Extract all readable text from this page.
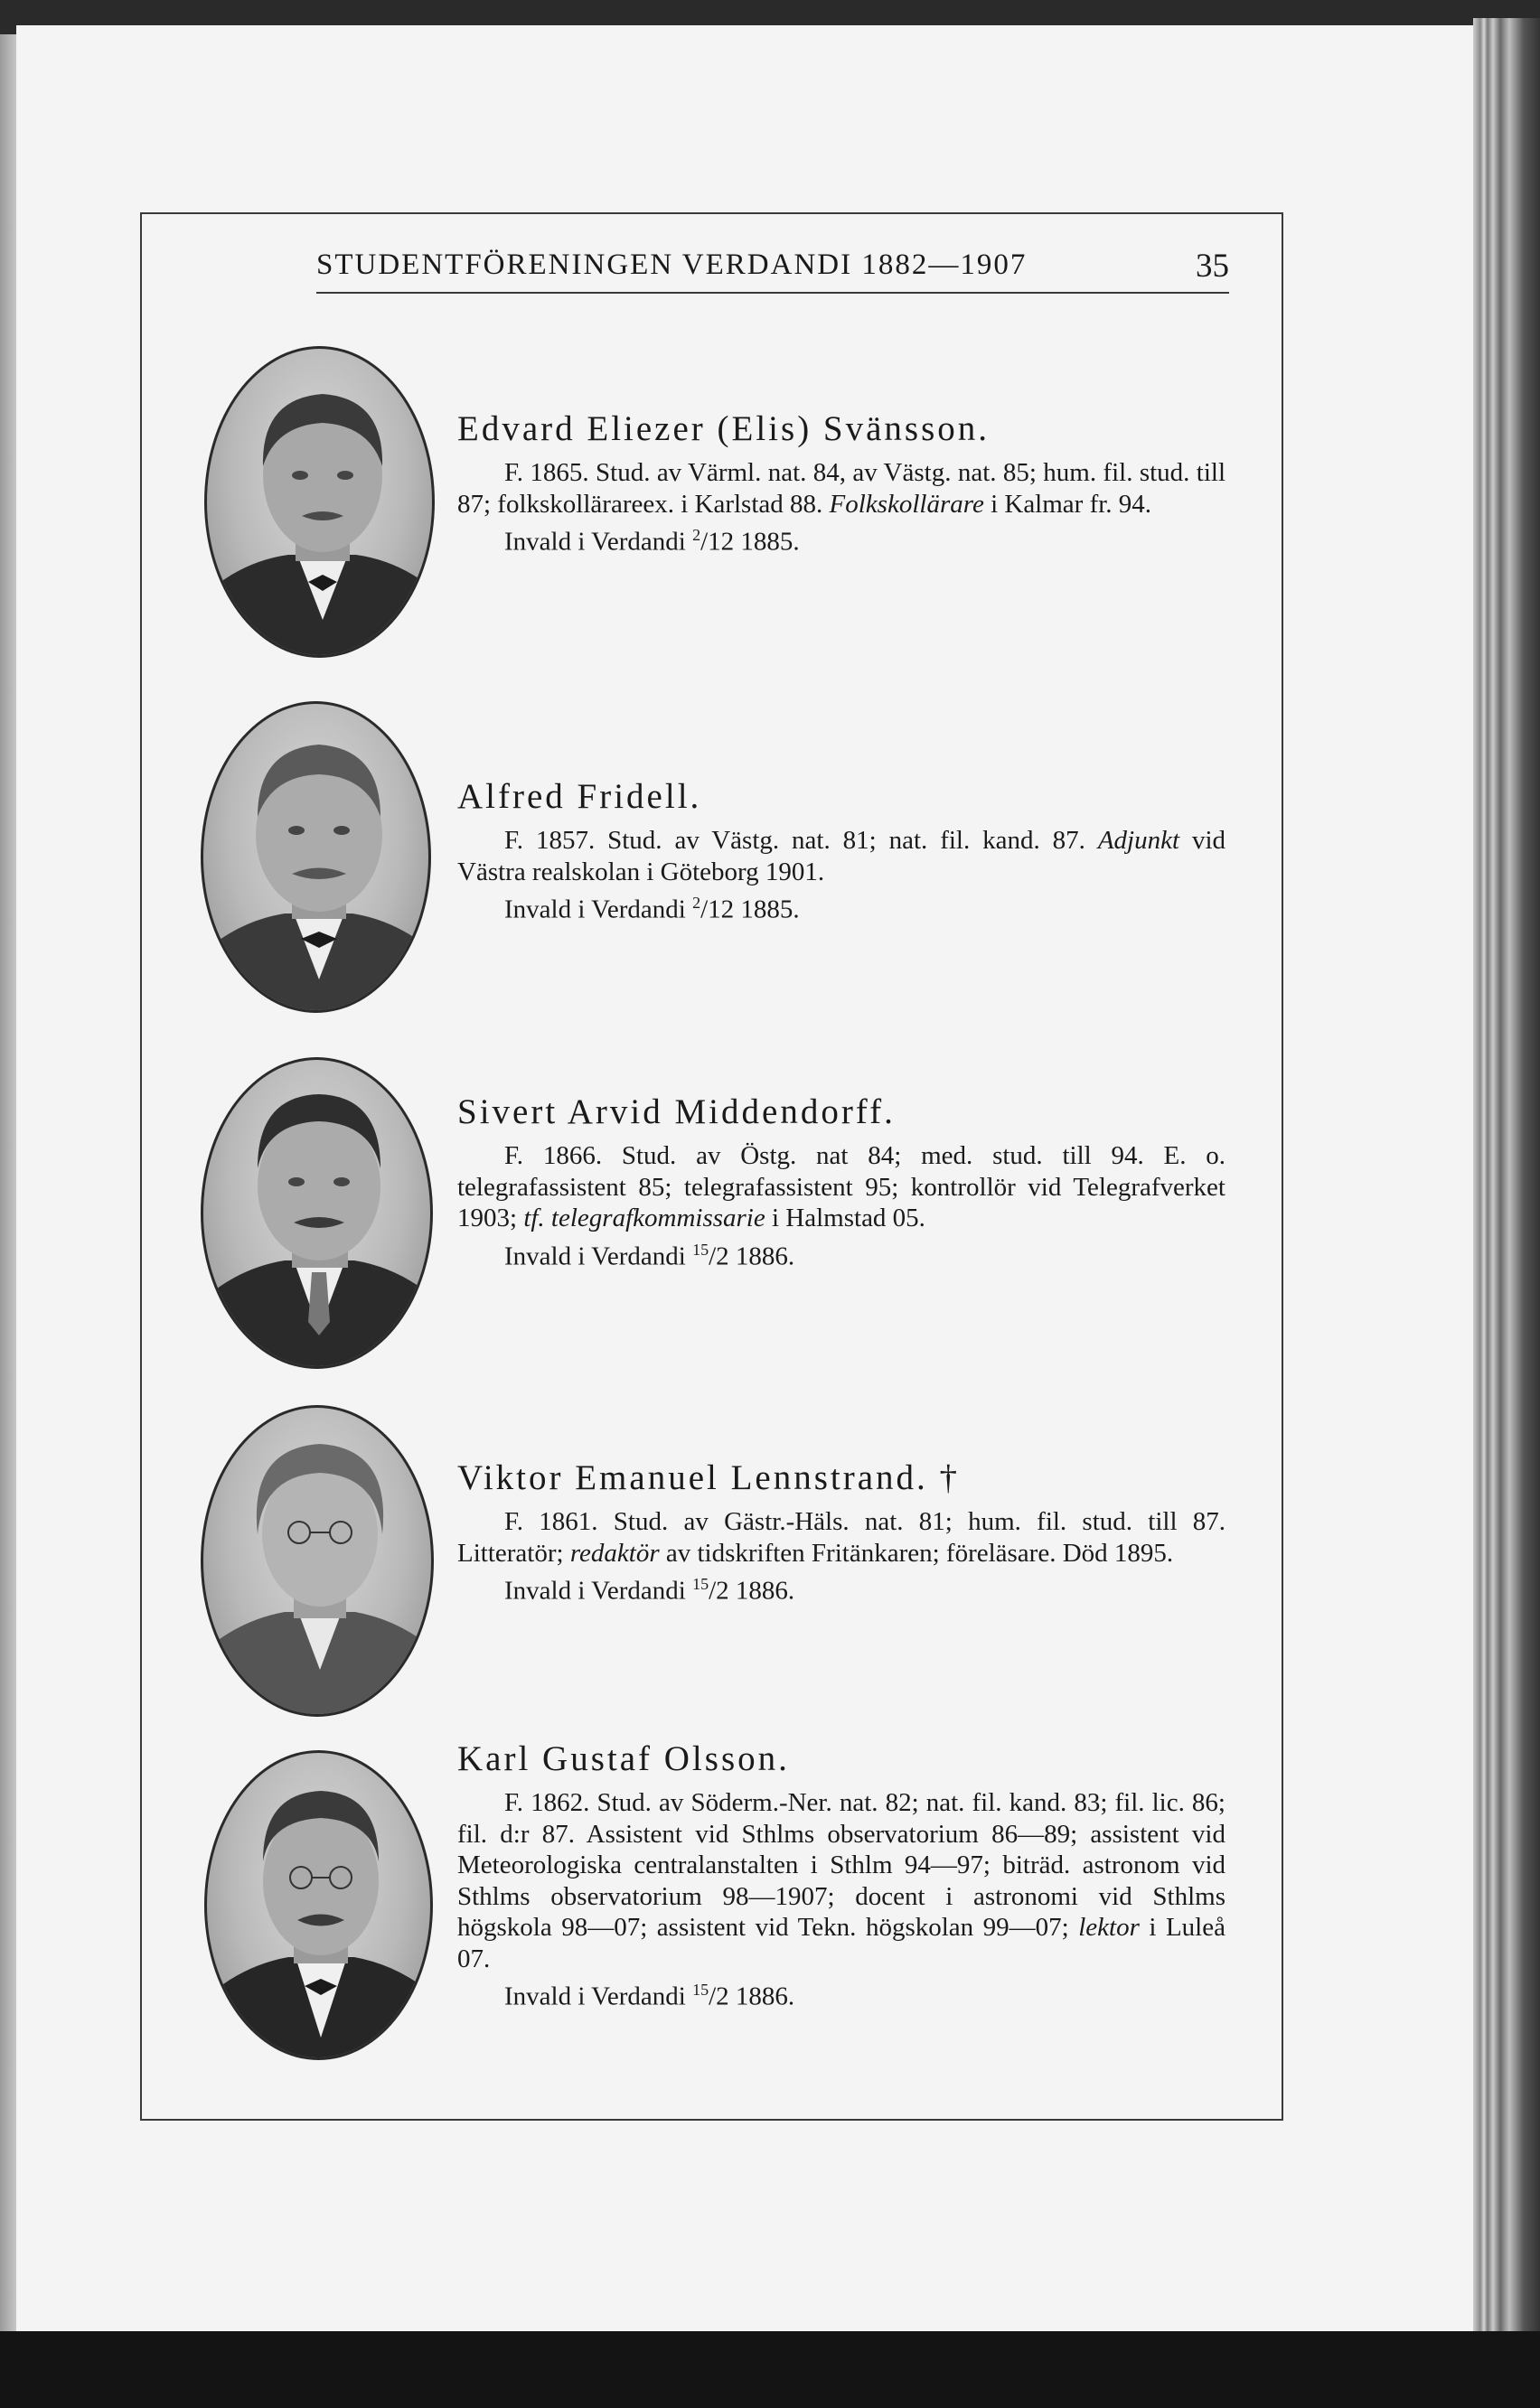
STUDENTFÖRENINGEN VERDANDI 1882—1907	35
Edvard Eliezer (Elis) Svänsson.

F. 1865. Stud. av Värml. nat. 84, av Västg. nat. 85; hum. fil. stud. till 87; folkskollärareex. i Karlstad 88. Folkskollärare i Kalmar fr. 94.

Invald i Verdandi $^2$/12 1885.

Alfred Fridell.

F. 1857. Stud. av Västg. nat. 81; nat. fil. kand. 87. Adjunkt vid Västra realskolan i Göteborg 1901.

Invald i Verdandi $^2$/12 1885.

Sivert Arvid Middendorff.

F. 1866. Stud. av Östg. nat 84; med. stud. till 94. E. o. telegrafassistent 85; telegrafassistent 95; kontrollör vid Telegrafverket 1903; tf. telegrafkommissarie i Halmstad 05.

Invald i Verdandi $^{15}$/2 1886.

Viktor Emanuel Lennstrand. †

F. 1861. Stud. av Gästr.-Häls. nat. 81; hum. fil. stud. till 87. Litteratör; redaktör av tidskriften Fritänkaren; föreläsare. Död 1895.

Invald i Verdandi $^{15}$/2 1886.

Karl Gustaf Olsson.

F. 1862. Stud. av Söderm.-Ner. nat. 82; nat. fil. kand. 83; fil. lic. 86; fil. d:r 87. Assistent vid Sthlms observatorium 86—89; assistent vid Meteorologiska centralanstalten i Sthlm 94—97; biträd. astronom vid Sthlms observatorium 98—1907; docent i astronomi vid Sthlms högskola 98—07; assistent vid Tekn. högskolan 99—07; lektor i Luleå 07.

Invald i Verdandi $^{15}$/2 1886.
